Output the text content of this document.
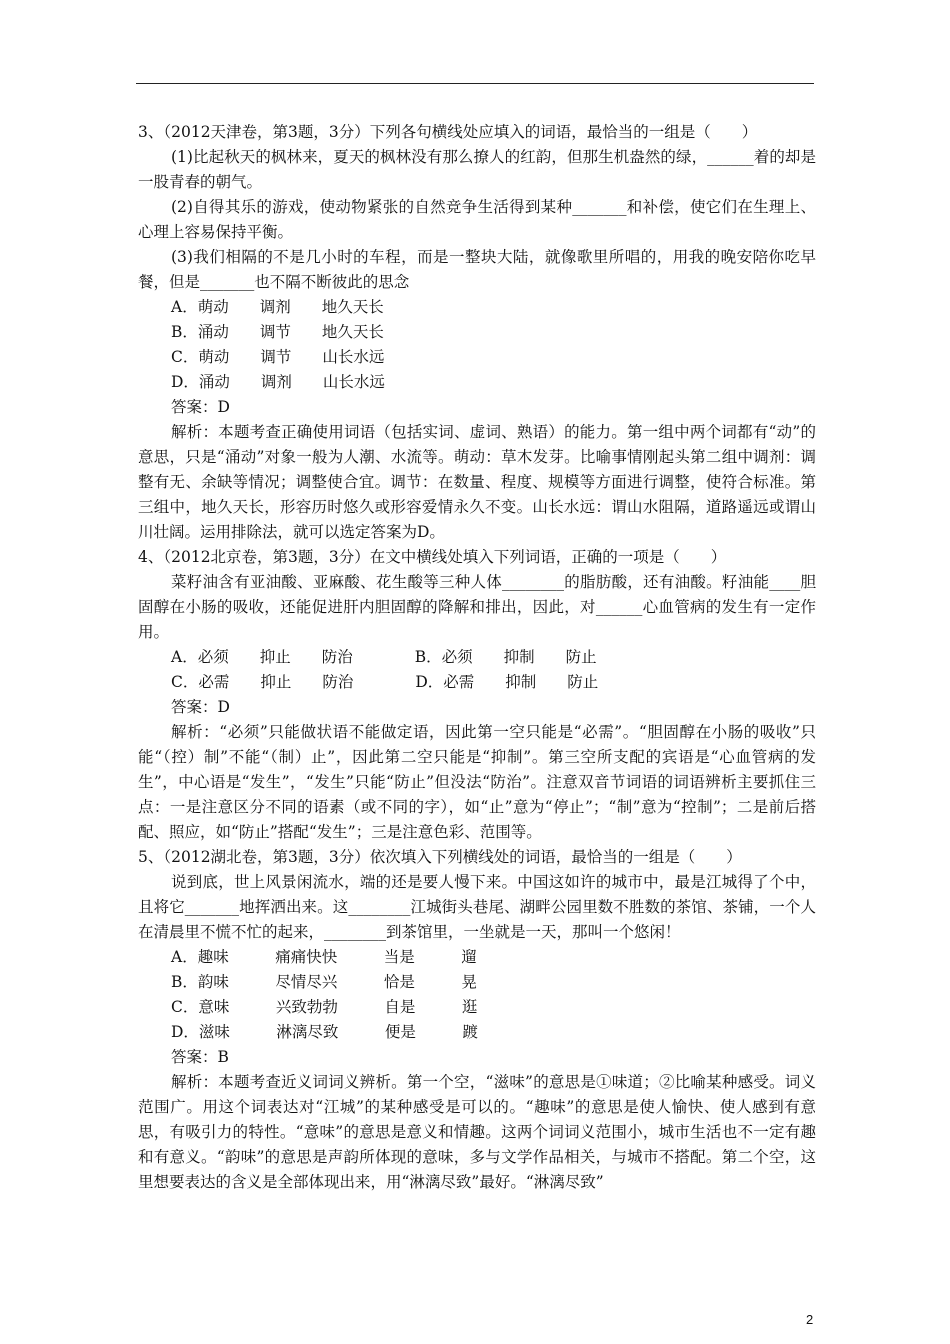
3、（2012天津卷，第3题，3分）下列各句横线处应填入的词语，最恰当的一组是（　　）

(1)比起秋天的枫林来，夏天的枫林没有那么撩人的红韵，但那生机盎然的绿，______着的却是一股青春的朝气。

(2)自得其乐的游戏，使动物紧张的自然竞争生活得到某种_______和补偿，使它们在生理上、心理上容易保持平衡。

(3)我们相隔的不是几小时的车程，而是一整块大陆，就像歌里所唱的，用我的晚安陪你吃早餐，但是_______也不隔不断彼此的思念

A．萌动　　调剂　　地久天长

B．涌动　　调节　　地久天长

C．萌动　　调节　　山长水远

D．涌动　　调剂　　山长水远

答案：D

解析：本题考查正确使用词语（包括实词、虚词、熟语）的能力。第一组中两个词都有“动”的意思，只是“涌动”对象一般为人潮、水流等。萌动：草木发芽。比喻事情刚起头第二组中调剂：调整有无、余缺等情况；调整使合宜。调节：在数量、程度、规模等方面进行调整，使符合标准。第三组中，地久天长，形容历时悠久或形容爱情永久不变。山长水远：谓山水阻隔，道路遥远或谓山川壮阔。运用排除法，就可以选定答案为D。

4、（2012北京卷，第3题，3分）在文中横线处填入下列词语，正确的一项是（　　）

菜籽油含有亚油酸、亚麻酸、花生酸等三种人体________的脂肪酸，还有油酸。籽油能____胆固醇在小肠的吸收，还能促进肝内胆固醇的降解和排出，因此，对______心血管病的发生有一定作用。

A．必须　　抑止　　防治　　　　B．必须　　抑制　　防止

C．必需　　抑止　　防治　　　　D．必需　　抑制　　防止

答案：D

解析：“必须”只能做状语不能做定语，因此第一空只能是“必需”。“胆固醇在小肠的吸收”只能“（控）制”不能“（制）止”，因此第二空只能是“抑制”。第三空所支配的宾语是“心血管病的发生”，中心语是“发生”，“发生”只能“防止”但没法“防治”。注意双音节词语的词语辨析主要抓住三点：一是注意区分不同的语素（或不同的字），如“止”意为“停止”；“制”意为“控制”；二是前后搭配、照应，如“防止”搭配“发生”；三是注意色彩、范围等。

5、（2012湖北卷，第3题，3分）依次填入下列横线处的词语，最恰当的一组是（　　）

说到底，世上风景闲流水，端的还是要人慢下来。中国这如许的城市中，最是江城得了个中，且将它_______地挥洒出来。这________江城街头巷尾、湖畔公园里数不胜数的茶馆、茶铺，一个人在清晨里不慌不忙的起来，________到茶馆里，一坐就是一天，那叫一个悠闲！

A．趣味　　　痛痛快快　　　当是　　　遛

B．韵味　　　尽情尽兴　　　恰是　　　晃

C．意味　　　兴致勃勃　　　自是　　　逛

D．滋味　　　淋漓尽致　　　便是　　　踱

答案：B

解析：本题考查近义词词义辨析。第一个空，“滋味”的意思是①味道；②比喻某种感受。词义范围广。用这个词表达对“江城”的某种感受是可以的。“趣味”的意思是使人愉快、使人感到有意思，有吸引力的特性。“意味”的意思是意义和情趣。这两个词词义范围小，城市生活也不一定有趣和有意义。“韵味”的意思是声韵所体现的意味，多与文学作品相关，与城市不搭配。第二个空，这里想要表达的含义是全部体现出来，用“淋漓尽致”最好。“淋漓尽致”

2
